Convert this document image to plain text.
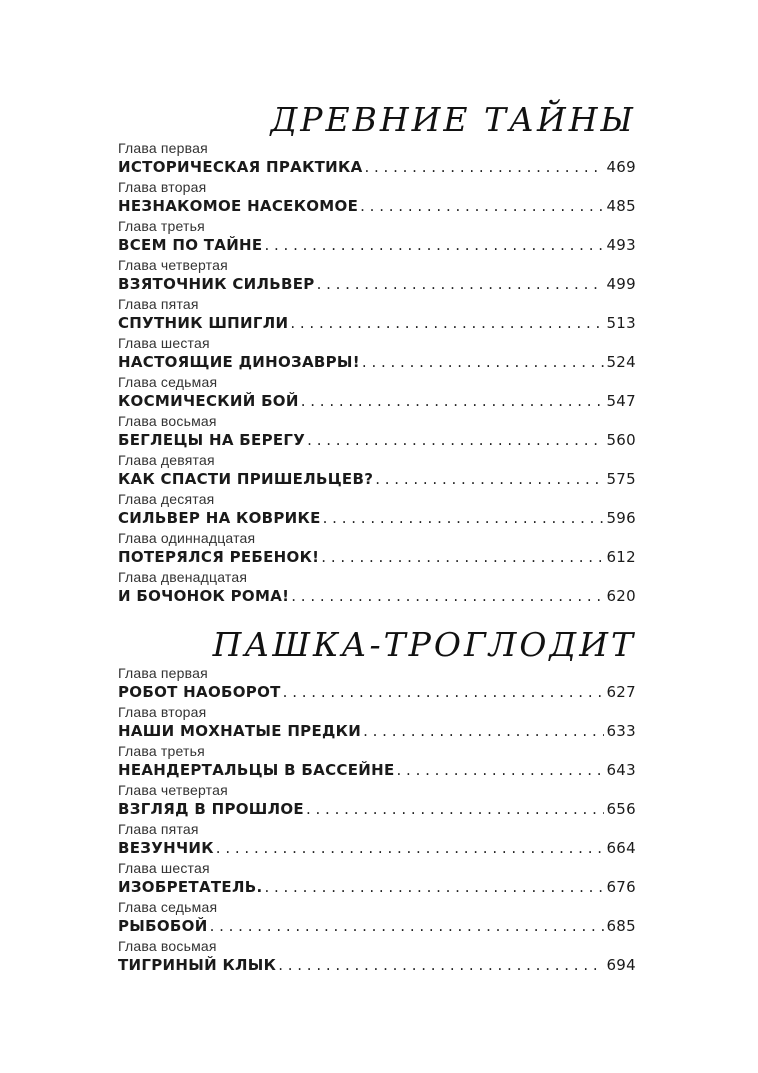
ДРЕВНИЕ ТАЙНЫ
Глава первая
ИСТОРИЧЕСКАЯ ПРАКТИКА . . .	469
Глава вторая
НЕЗНАКОМОЕ НАСЕКОМОЕ . . .	485
Глава третья
ВСЕМ ПО ТАЙНЕ . . .	493
Глава четвертая
ВЗЯТОЧНИК СИЛЬВЕР . . .	499
Глава пятая
СПУТНИК ШПИГЛИ . . .	513
Глава шестая
НАСТОЯЩИЕ ДИНОЗАВРЫ! . . .	524
Глава седьмая
КОСМИЧЕСКИЙ БОЙ . . .	547
Глава восьмая
БЕГЛЕЦЫ НА БЕРЕГУ . . .	560
Глава девятая
КАК СПАСТИ ПРИШЕЛЬЦЕВ? . . .	575
Глава десятая
СИЛЬВЕР НА КОВРИКЕ . . .	596
Глава одиннадцатая
ПОТЕРЯЛСЯ РЕБЕНОК! . . .	612
Глава двенадцатая
И БОЧОНОК РОМА! . . .	620
ПАШКА-ТРОГЛОДИТ
Глава первая
РОБОТ НАОБОРОТ . . .	627
Глава вторая
НАШИ МОХНАТЫЕ ПРЕДКИ . . .	633
Глава третья
НЕАНДЕРТАЛЬЦЫ В БАССЕЙНЕ . . .	643
Глава четвертая
ВЗГЛЯД В ПРОШЛОЕ . . .	656
Глава пятая
ВЕЗУНЧИК . . .	664
Глава шестая
ИЗОБРЕТАТЕЛЬ. . . .	676
Глава седьмая
РЫБОБОЙ . . .	685
Глава восьмая
ТИГРИНЫЙ КЛЫК . . .	694
